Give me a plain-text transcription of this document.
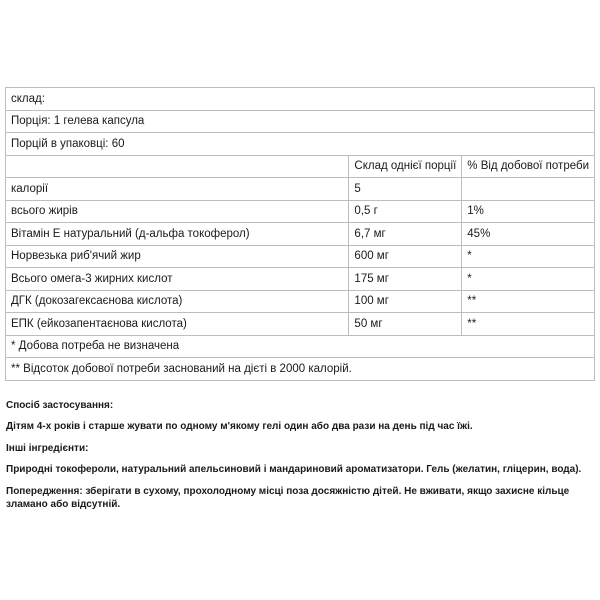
склад:		
Порція: 1 гелева капсула		
Порцій в упаковці: 60		
	Склад однієї порції	% Від добової потреби
калорії	5	
всього жирів	0,5 г	1%
Вітамін Е натуральний (д-альфа токоферол)	6,7 мг	45%
Норвезька риб'ячий жир	600 мг	*
Всього омега-3 жирних кислот	175 мг	*
ДГК (докозагексаєнова кислота)	100 мг	**
ЕПК (ейкозапентаєнова кислота)	50 мг	**
* Добова потреба не визначена		
** Відсоток добової потреби заснований на дієті в 2000 калорій.		

Спосіб застосування:

Дітям 4-х років і старше жувати по одному м'якому гелі один або два рази на день під час їжі.

Інші інгредієнти:

Природні токофероли, натуральний апельсиновий і мандариновий ароматизатори. Гель (желатин, гліцерин, вода).

Попередження: зберігати в сухому, прохолодному місці поза досяжністю дітей. Не вживати, якщо захисне кільце зламано або відсутній.
